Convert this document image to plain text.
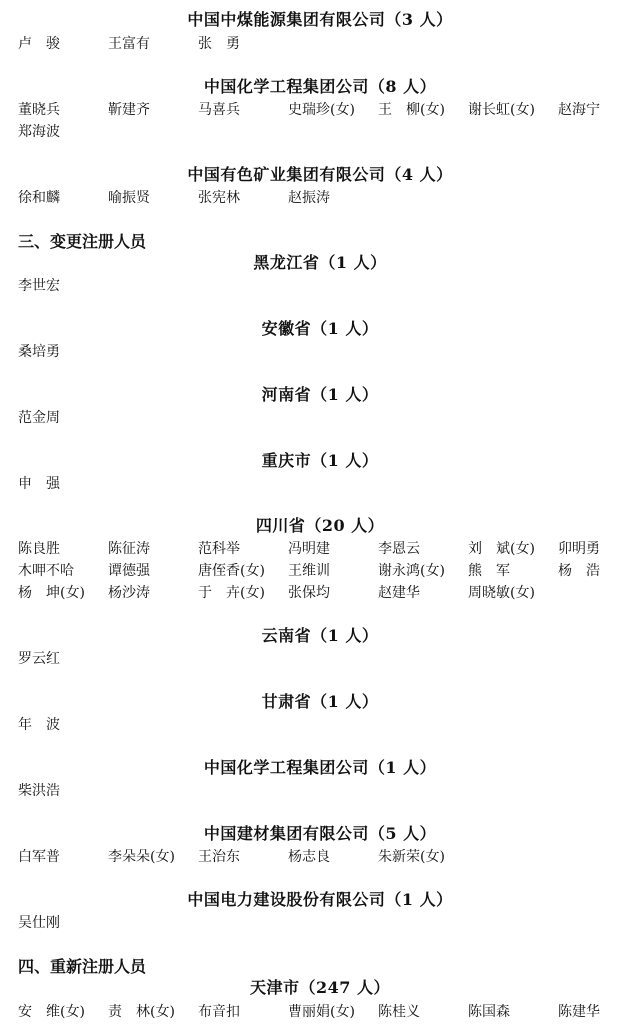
中国中煤能源集团有限公司（3 人）
卢　骏	王富有	张　勇
中国化学工程集团公司（8 人）
董晓兵	靳建齐	马喜兵	史瑞珍(女) 王　柳(女) 谢长虹(女) 赵海宁
郑海波
中国有色矿业集团有限公司（4 人）
徐和麟	喻振贤	张宪林	赵振涛
三、变更注册人员
黑龙江省（1 人）
李世宏
安徽省（1 人）
桑培勇
河南省（1 人）
范金周
重庆市（1 人）
申　强
四川省（20 人）
陈良胜	陈征涛	范科举	冯明建	李恩云	刘　斌(女) 卯明勇
木呷不哈 谭德强	唐侄香(女) 王维训	谢永鸿(女) 熊　军	杨　浩
杨　坤(女) 杨沙涛	于　卉(女) 张保均	赵建华	周晓敏(女)
云南省（1 人）
罗云红
甘肃省（1 人）
年　波
中国化学工程集团公司（1 人）
柴洪浩
中国建材集团有限公司（5 人）
白军普	李朵朵(女) 王治东	杨志良	朱新荣(女)
中国电力建设股份有限公司（1 人）
吴仕刚
四、重新注册人员
天津市（247 人）
安　维(女) 责　林(女) 布音扣	曹丽娟(女) 陈桂义	陈国森	陈建华
